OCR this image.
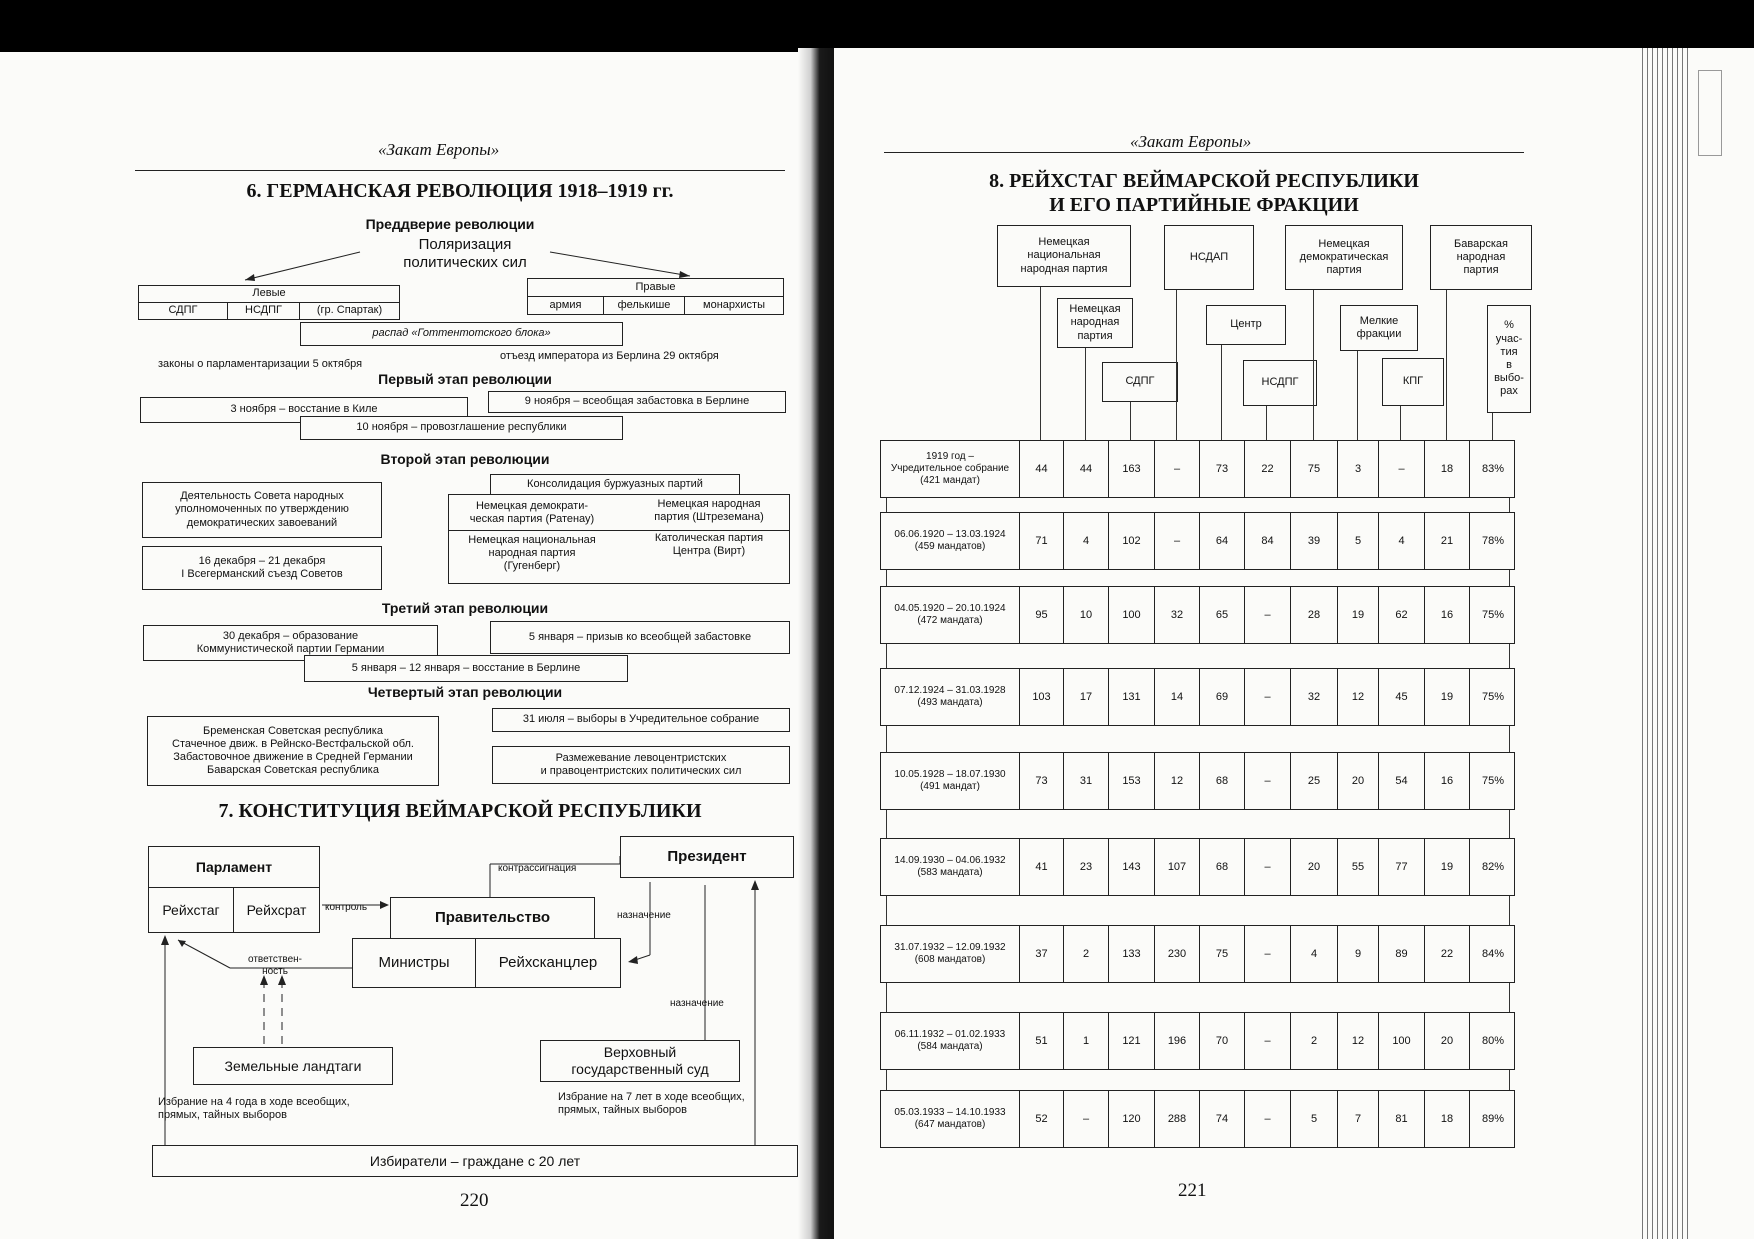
«Закат Европы»
6. ГЕРМАНСКАЯ РЕВОЛЮЦИЯ 1918–1919 гг.
Преддверие революции
Поляризация
политических сил
Левые
СДПГ	НСДПГ	(гр. Спартак)
Правые
армия	фелькише	монархисты
распад «Готтентотского блока»
законы о парламентаризации 5 октября
отъезд императора из Берлина 29 октября
Первый этап революции
3 ноября – восстание в Киле
9 ноября – всеобщая забастовка в Берлине
10 ноября – провозглашение республики
Второй этап революции
Деятельность Совета народных
уполномоченных по утверждению
демократических завоеваний
16 декабря – 21 декабря
I Всегерманский съезд Советов
Консолидация буржуазных партий
Немецкая демократи-
ческая партия (Ратенау)
Немецкая народная
партия (Штреземана)
Немецкая национальная
народная партия
(Гугенберг)
Католическая партия
Центра (Вирт)
Третий этап революции
30 декабря – образование
Коммунистической партии Германии
5 января – призыв ко всеобщей забастовке
5 января – 12 января – восстание в Берлине
Четвертый этап революции
Бременская Советская республика
Стачечное движ. в Рейнско-Вестфальской обл.
Забастовочное движение в Средней Германии
Баварская Советская республика
31 июля – выборы в Учредительное собрание
Размежевание левоцентристских
и правоцентристских политических сил
7. КОНСТИТУЦИЯ ВЕЙМАРСКОЙ РЕСПУБЛИКИ
Парламент
Рейхстаг Рейхсрат
Президент
контрассигнация
контроль
Правительство	назначение
Министры	Рейхсканцлер
ответствен-
ность
назначение
Земельные ландтаги
Верховный
государственный суд
Избрание на 4 года в ходе всеобщих,
прямых, тайных выборов
Избрание на 7 лет в ходе всеобщих,
прямых, тайных выборов
Избиратели – граждане с 20 лет
220
«Закат Европы»
8. РЕЙХСТАГ ВЕЙМАРСКОЙ РЕСПУБЛИКИ
И ЕГО ПАРТИЙНЫЕ ФРАКЦИИ
Немецкая
национальная
народная партия
Немецкая
народная
партия
СДПГ
НСДАП
Центр
НСДПГ
Немецкая
демократическая
партия
Мелкие
фракции
КПГ
Баварская
народная
партия
%
учас-
тия
в
выбо-
рах
1919 год –
Учредительное собрание
(421 мандат)
44	44	163	–	73	22	75	3	–	18	83%
06.06.1920 – 13.03.1924
(459 мандатов)	71	4	102	–	64	84	39	5	4	21	78%
04.05.1920 – 20.10.1924
(472 мандата)	95	10	100	32	65	–	28	19	62	16	75%
07.12.1924 – 31.03.1928
(493 мандата)	103	17	131	14	69	–	32	12	45	19	75%
10.05.1928 – 18.07.1930
(491 мандат)	73	31	153	12	68	–	25	20	54	16	75%
14.09.1930 – 04.06.1932
(583 мандата)	41	23	143	107	68	–	20	55	77	19	82%
31.07.1932 – 12.09.1932
(608 мандатов)	37	2	133	230	75	–	4	9	89	22	84%
06.11.1932 – 01.02.1933
(584 мандата)	51	1	121	196	70	–	2	12	100	20	80%
05.03.1933 – 14.10.1933
(647 мандатов)	52	–	120	288	74	–	5	7	81	18	89%
221
